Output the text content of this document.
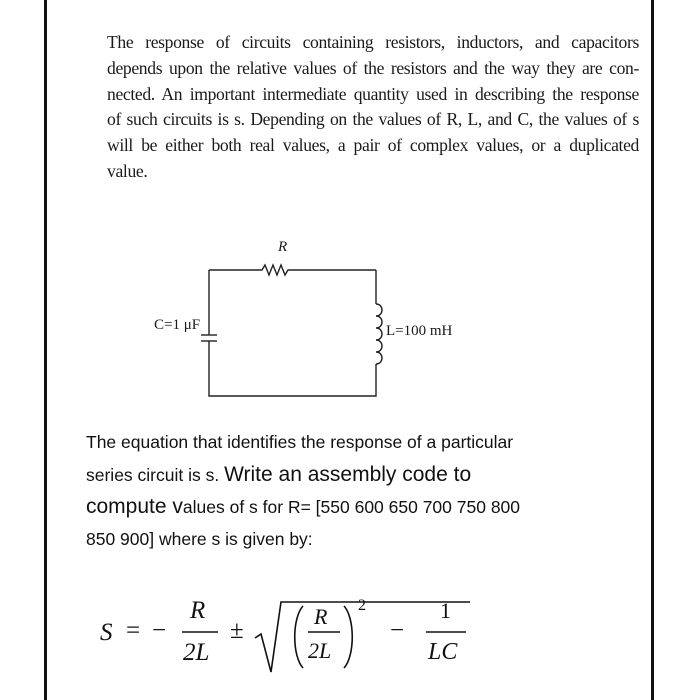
The response of circuits containing resistors, inductors, and capacitors
depends upon the relative values of the resistors and the way they are con-
nected. An important intermediate quantity used in describing the response
of such circuits is s. Depending on the values of R, L, and C, the values of s
will be either both real values, a pair of complex values, or a duplicated
value.
R
C=1 μF	L=100 mH
The equation that identifies the response of a particular
series circuit is s. Write an assembly code to
compute values of s for R= [550 600 650 700 750 800
850 900] where s is given by:
S = −
R
2L
±
R
2L
2
−
1
LC
